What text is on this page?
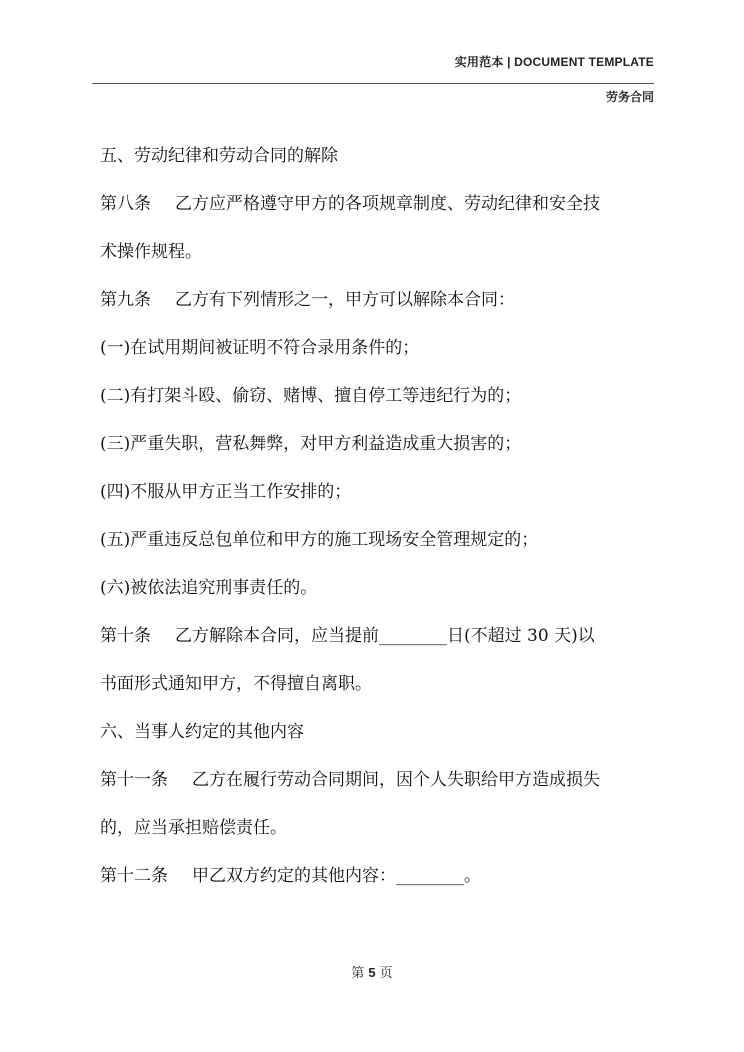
实用范本 | DOCUMENT TEMPLATE
劳务合同
五、劳动纪律和劳动合同的解除
第八条 乙方应严格遵守甲方的各项规章制度、劳动纪律和安全技
术操作规程。
第九条 乙方有下列情形之一，甲方可以解除本合同：
(一)在试用期间被证明不符合录用条件的；
(二)有打架斗殴、偷窃、赌博、擅自停工等违纪行为的；
(三)严重失职，营私舞弊，对甲方利益造成重大损害的；
(四)不服从甲方正当工作安排的；
(五)严重违反总包单位和甲方的施工现场安全管理规定的；
(六)被依法追究刑事责任的。
第十条 乙方解除本合同，应当提前________日(不超过 30 天)以
书面形式通知甲方，不得擅自离职。
六、当事人约定的其他内容
第十一条 乙方在履行劳动合同期间，因个人失职给甲方造成损失
的，应当承担赔偿责任。
第十二条 甲乙双方约定的其他内容：________。
第 5 页
